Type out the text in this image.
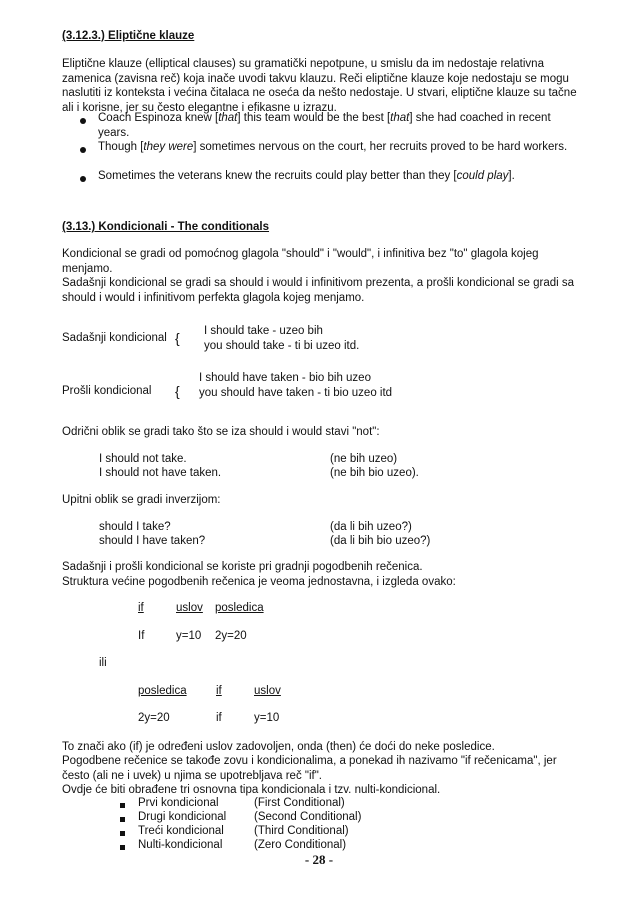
(3.12.3.) Eliptične klauze
Eliptične klauze (elliptical clauses) su gramatički nepotpune, u smislu da im nedostaje relativna zamenica (zavisna reč) koja inače uvodi takvu klauzu. Reči eliptične klauze koje nedostaju se mogu naslutiti iz konteksta i većina čitalaca ne oseća da nešto nedostaje. U stvari, eliptične klauze su tačne ali i korisne, jer su često elegantne i efikasne u izrazu.
Coach Espinoza knew [that] this team would be the best [that] she had coached in recent years.
Though [they were] sometimes nervous on the court, her recruits proved to be hard workers.
Sometimes the veterans knew the recruits could play better than they [could play].
(3.13.) Kondicionali - The conditionals
Kondicional se gradi od pomoćnog glagola "should" i "would", i infinitiva bez "to" glagola kojeg menjamo.
Sadašnji kondicional se gradi sa should i would i infinitivom prezenta, a prošli kondicional se gradi sa should i would i infinitivom perfekta glagola kojeg menjamo.
Sadašnji kondicional { I should take - uzeo bih
you should take - ti bi uzeo itd.
Prošli kondicional {
I should have taken - bio bih uzeo
you should have taken - ti bio uzeo itd
Odrični oblik se gradi tako što se iza should i would stavi "not":
I should not take.	(ne bih uzeo)
I should not have taken.	(ne bih bio uzeo).
Upitni oblik se gradi inverzijom:
should I take?	(da li bih uzeo?)
should I have taken?	(da li bih bio uzeo?)
Sadašnji i prošli kondicional se koriste pri gradnji pogodbenih rečenica.
Struktura većine pogodbenih rečenica je veoma jednostavna, i izgleda ovako:
if	uslov posledica
If	y=10 2y=20
ili
posledica	if	uslov
2y=20	if	y=10
To znači ako (if) je određeni uslov zadovoljen, onda (then) će doći do neke posledice.
Pogodbene rečenice se takođe zovu i kondicionalima, a ponekad ih nazivamo "if rečenicama", jer često (ali ne i uvek) u njima se upotrebljava reč "if".
Ovdje će biti obrađene tri osnovna tipa kondicionala i tzv. nulti-kondicional.
Prvi kondicional	(First Conditional)
Drugi kondicional (Second Conditional)
Treći kondicional	(Third Conditional)
Nulti-kondicional	(Zero Conditional)
- 28 -
